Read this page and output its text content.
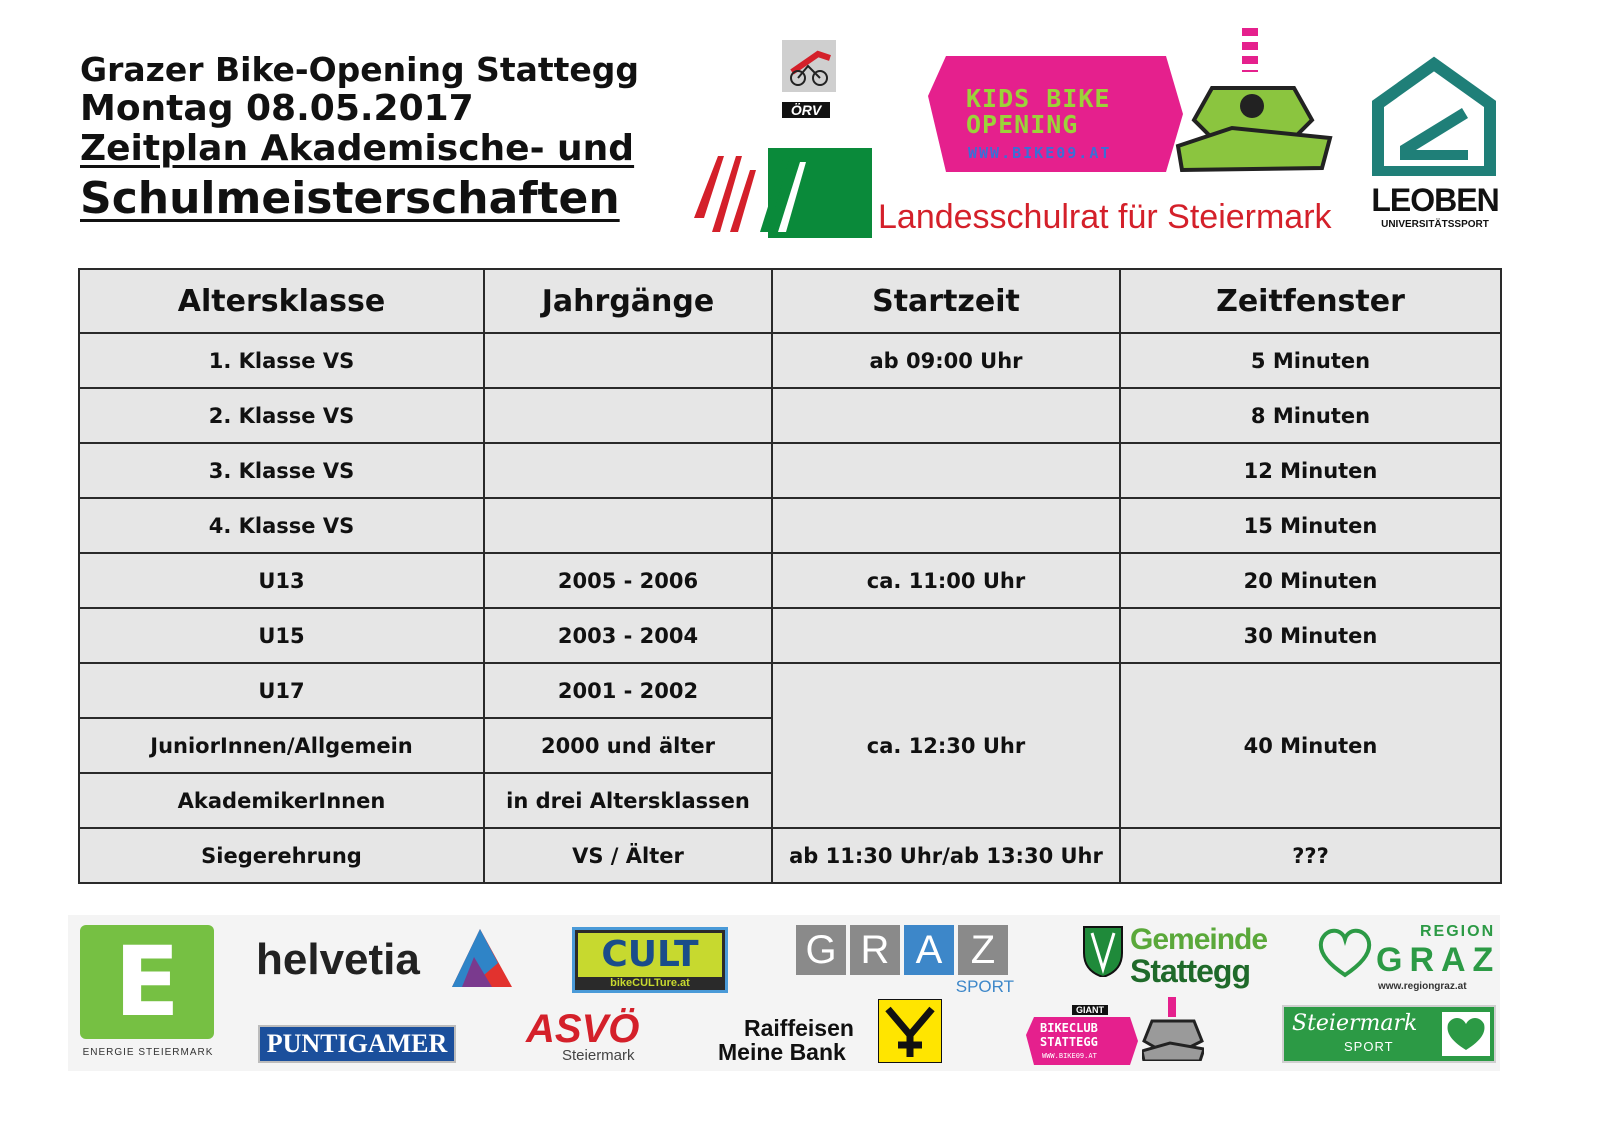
Grazer Bike-Opening Stattegg
Montag 08.05.2017
Zeitplan Akademische- und
Schulmeisterschaften
ÖRV	KIDS BIKE
OPENING
WWW.BIKE09.AT
Landesschulrat für Steiermark LEOBEN
UNIVERSITÄTSSPORT
Altersklasse	Jahrgänge	Startzeit	Zeitfenster
1. Klasse VS		ab 09:00 Uhr	5 Minuten
2. Klasse VS			8 Minuten
3. Klasse VS			12 Minuten
4. Klasse VS			15 Minuten
U13	2005 - 2006	ca. 11:00 Uhr	20 Minuten
U15	2003 - 2004		30 Minuten
U17	2001 - 2002	ca. 12:30 Uhr	40 Minuten
JuniorInnen/Allgemein	2000 und älter		
AkademikerInnen	in drei Altersklassen		
Siegerehrung	VS / Älter	ab 11:30 Uhr/ab 13:30 Uhr	???
E
ENERGIE STEIERMARK
helvetia	CULT
bikeCULTure.at
G R A Z
SPORT
Gemeinde
Stattegg
REGION
GRAZ
www.regiongraz.at
PUNTIGAMER ASVÖ
Steiermark
Raiffeisen
Meine Bank
GIANT
BIKECLUB
STATTEGG
WWW.BIKE09.AT
Steiermark
SPORT
